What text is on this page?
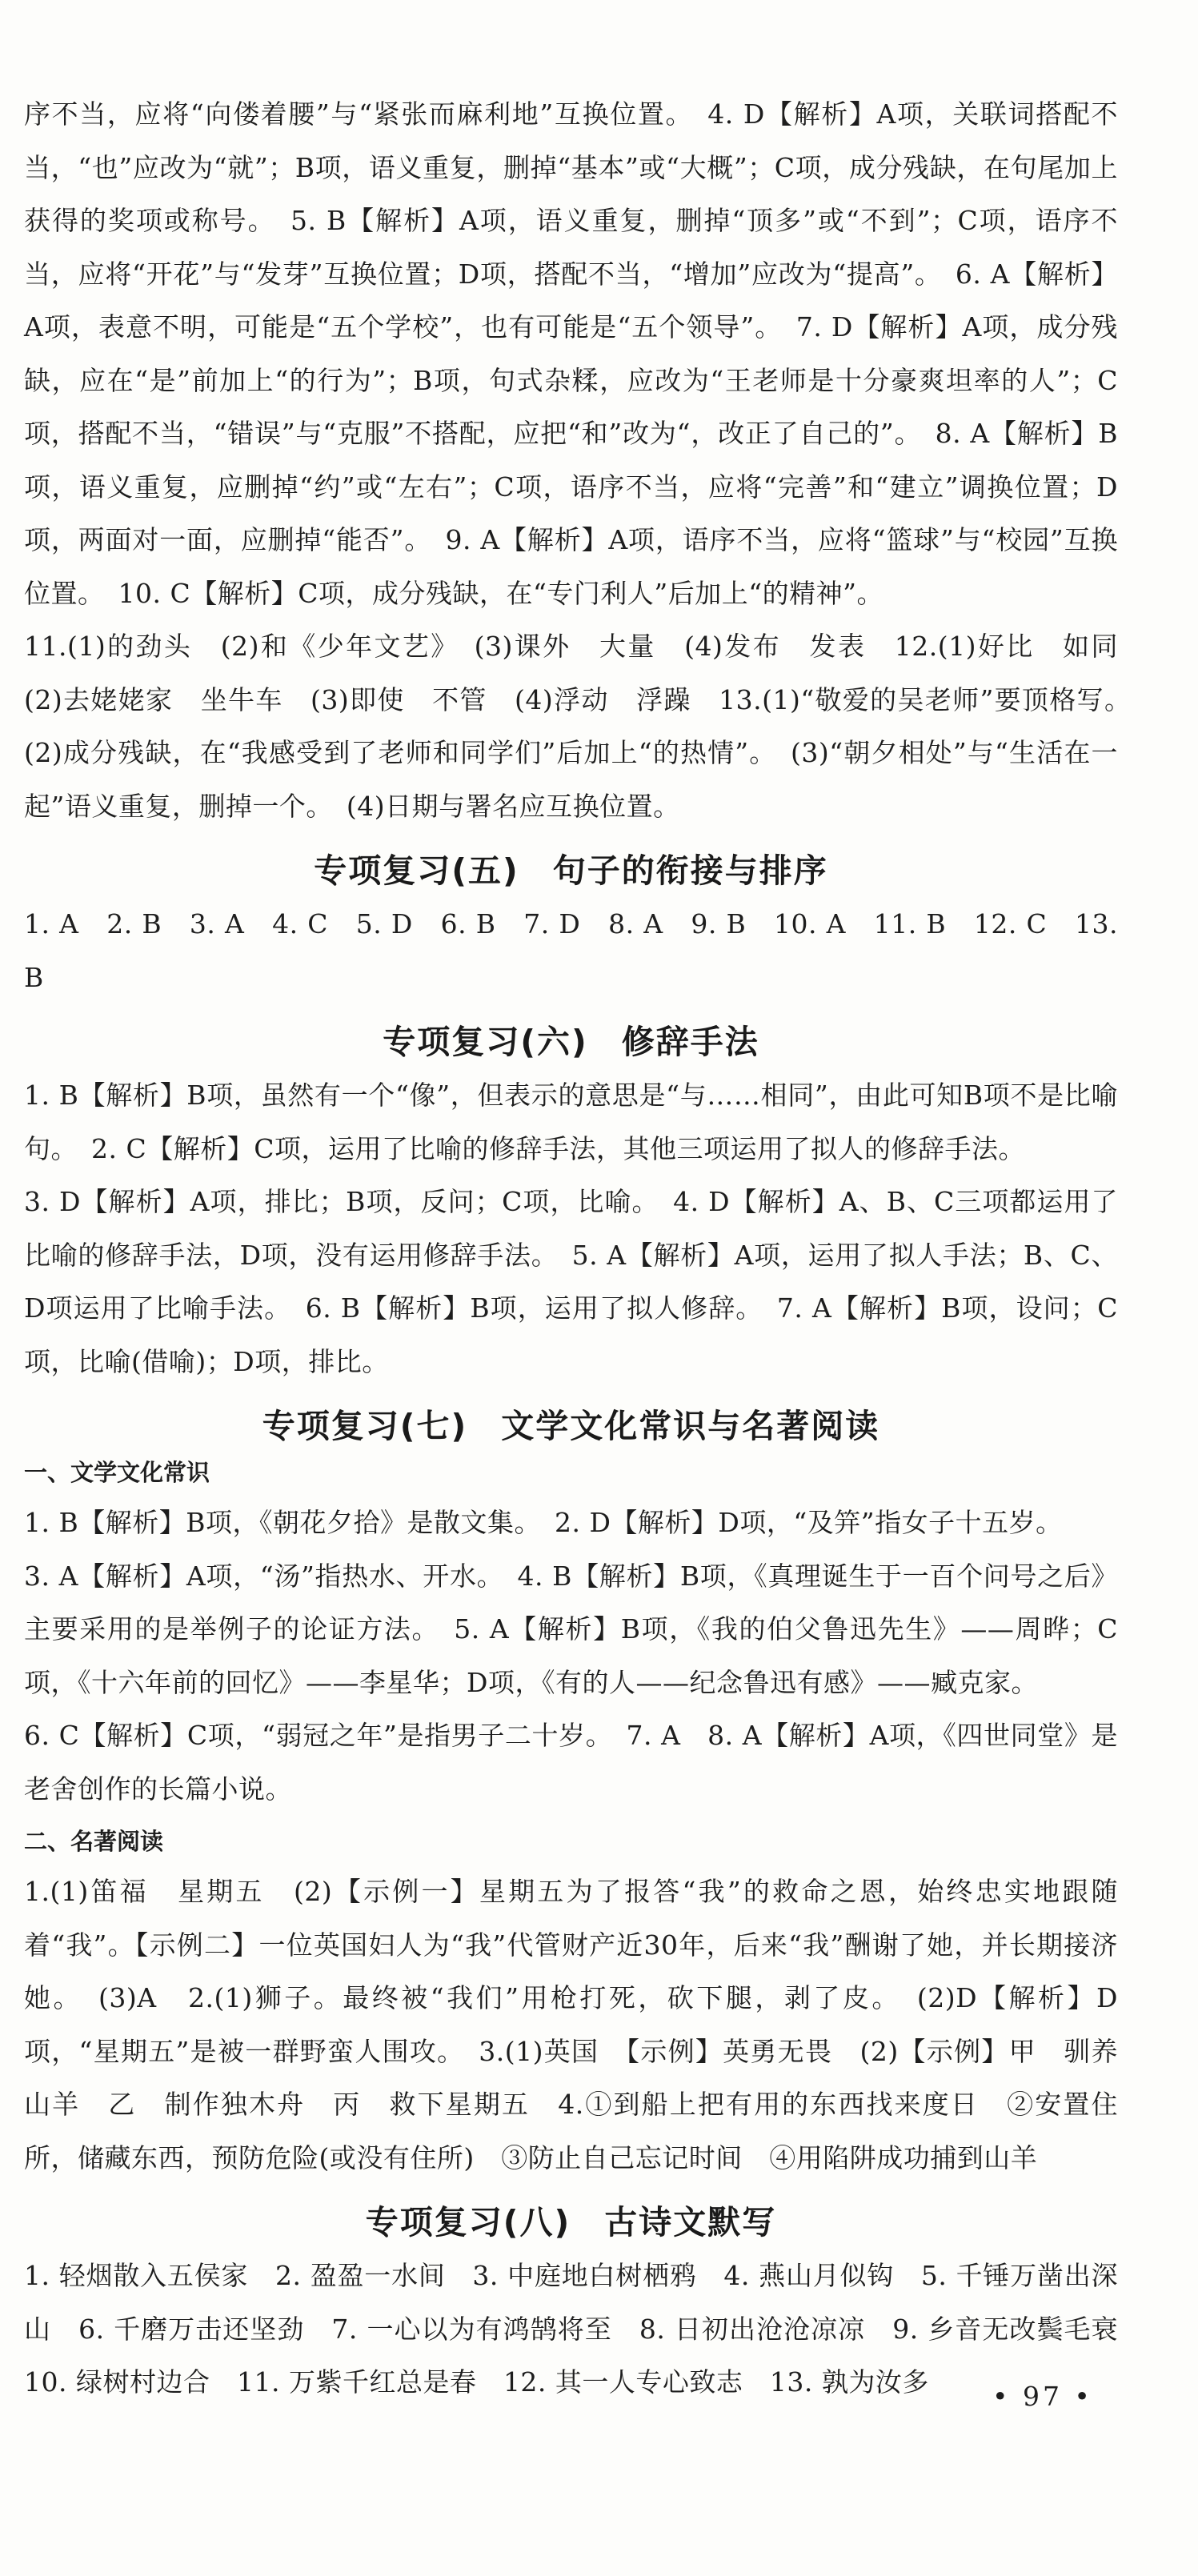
序不当，应将“向偻着腰”与“紧张而麻利地”互换位置。　4. D【解析】A项，关联词搭配不当，“也”应改为“就”；B项，语义重复，删掉“基本”或“大概”；C项，成分残缺，在句尾加上获得的奖项或称号。　5. B【解析】A项，语义重复，删掉“顶多”或“不到”；C项，语序不当，应将“开花”与“发芽”互换位置；D项，搭配不当，“增加”应改为“提高”。　6. A【解析】A项，表意不明，可能是“五个学校”，也有可能是“五个领导”。　7. D【解析】A项，成分残缺，应在“是”前加上“的行为”；B项，句式杂糅，应改为“王老师是十分豪爽坦率的人”；C项，搭配不当，“错误”与“克服”不搭配，应把“和”改为“，改正了自己的”。　8. A【解析】B项，语义重复，应删掉“约”或“左右”；C项，语序不当，应将“完善”和“建立”调换位置；D项，两面对一面，应删掉“能否”。　9. A【解析】A项，语序不当，应将“篮球”与“校园”互换位置。　10. C【解析】C项，成分残缺，在“专门利人”后加上“的精神”。

11.(1)的劲头　(2)和《少年文艺》　(3)课外　大量　(4)发布　发表　12.(1)好比　如同　(2)去姥姥家　坐牛车　(3)即使　不管　(4)浮动　浮躁　13.(1)“敬爱的吴老师”要顶格写。　(2)成分残缺，在“我感受到了老师和同学们”后加上“的热情”。　(3)“朝夕相处”与“生活在一起”语义重复，删掉一个。　(4)日期与署名应互换位置。

专项复习(五) 句子的衔接与排序

1. A　2. B　3. A　4. C　5. D　6. B　7. D　8. A　9. B　10. A　11. B　12. C　13. B

专项复习(六) 修辞手法

1. B【解析】B项，虽然有一个“像”，但表示的意思是“与……相同”，由此可知B项不是比喻句。　2. C【解析】C项，运用了比喻的修辞手法，其他三项运用了拟人的修辞手法。

3. D【解析】A项，排比；B项，反问；C项，比喻。　4. D【解析】A、B、C三项都运用了比喻的修辞手法，D项，没有运用修辞手法。　5. A【解析】A项，运用了拟人手法；B、C、D项运用了比喻手法。　6. B【解析】B项，运用了拟人修辞。　7. A【解析】B项，设问；C项，比喻(借喻)；D项，排比。

专项复习(七) 文学文化常识与名著阅读
一、文学文化常识

1. B【解析】B项，《朝花夕拾》是散文集。　2. D【解析】D项，“及笄”指女子十五岁。

3. A【解析】A项，“汤”指热水、开水。　4. B【解析】B项，《真理诞生于一百个问号之后》主要采用的是举例子的论证方法。　5. A【解析】B项，《我的伯父鲁迅先生》——周晔；C项，《十六年前的回忆》——李星华；D项，《有的人——纪念鲁迅有感》——臧克家。

6. C【解析】C项，“弱冠之年”是指男子二十岁。　7. A　8. A【解析】A项，《四世同堂》是老舍创作的长篇小说。

二、名著阅读

1.(1)笛福　星期五　(2)【示例一】星期五为了报答“我”的救命之恩，始终忠实地跟随着“我”。【示例二】一位英国妇人为“我”代管财产近30年，后来“我”酬谢了她，并长期接济她。　(3)A　2.(1)狮子。最终被“我们”用枪打死，砍下腿，剥了皮。　(2)D【解析】D项，“星期五”是被一群野蛮人围攻。　3.(1)英国　【示例】英勇无畏　(2)【示例】甲　驯养山羊　乙　制作独木舟　丙　救下星期五　4.①到船上把有用的东西找来度日　②安置住所，储藏东西，预防危险(或没有住所)　③防止自己忘记时间　④用陷阱成功捕到山羊

专项复习(八) 古诗文默写

1. 轻烟散入五侯家　2. 盈盈一水间　3. 中庭地白树栖鸦　4. 燕山月似钩　5. 千锤万凿出深山　6. 千磨万击还坚劲　7. 一心以为有鸿鹄将至　8. 日初出沧沧凉凉　9. 乡音无改鬓毛衰　10. 绿树村边合　11. 万紫千红总是春　12. 其一人专心致志　13. 孰为汝多	• 97 •
